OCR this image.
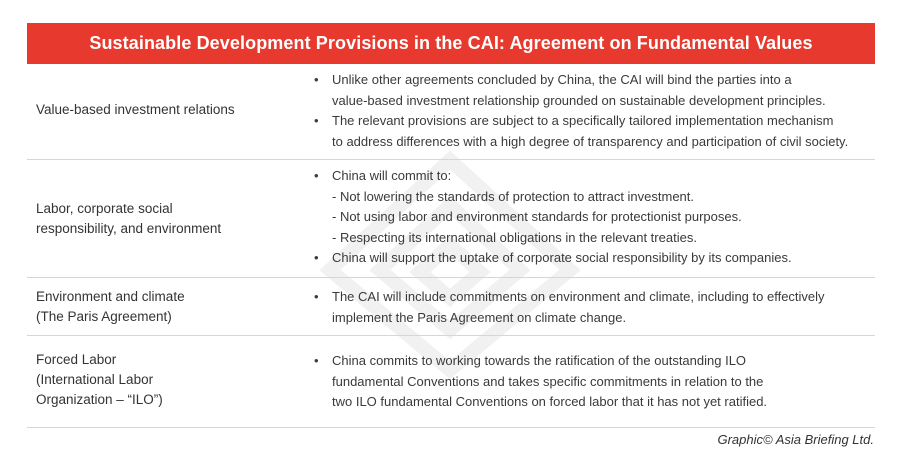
Sustainable Development Provisions in the CAI: Agreement on Fundamental Values
Value-based investment relations
• Unlike other agreements concluded by China, the CAI will bind the parties into a
value-based investment relationship grounded on sustainable development principles.
• The relevant provisions are subject to a specifically tailored implementation mechanism
to address differences with a high degree of transparency and participation of civil society.
Labor, corporate social
responsibility, and environment
• China will commit to:
- Not lowering the standards of protection to attract investment.
- Not using labor and environment standards for protectionist purposes.
- Respecting its international obligations in the relevant treaties.
• China will support the uptake of corporate social responsibility by its companies.
Environment and climate
(The Paris Agreement)
• The CAI will include commitments on environment and climate, including to effectively
implement the Paris Agreement on climate change.
Forced Labor
(International Labor
Organization – “ILO”)
• China commits to working towards the ratification of the outstanding ILO
fundamental Conventions and takes specific commitments in relation to the
two ILO fundamental Conventions on forced labor that it has not yet ratified.
Graphic© Asia Briefing Ltd.
